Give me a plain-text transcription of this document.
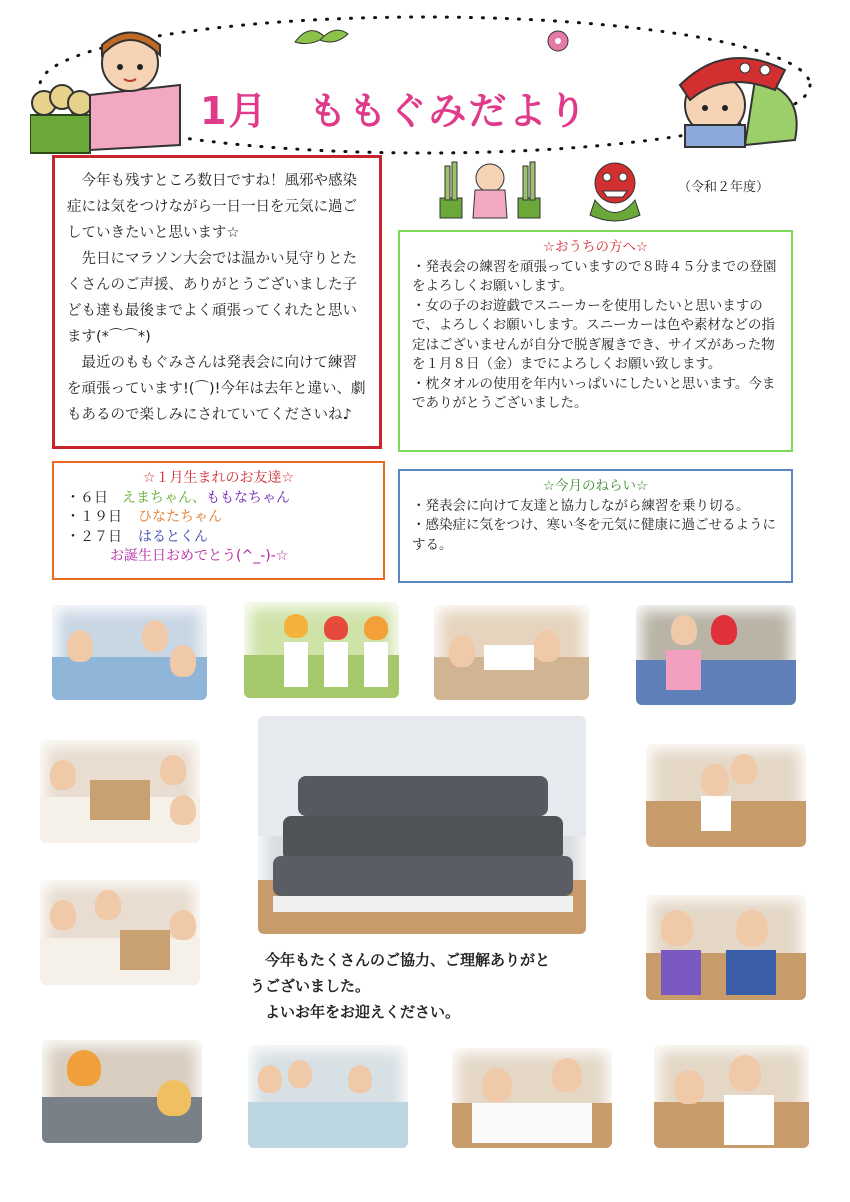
1月 ももぐみだより
（令和２年度）

今年も残すところ数日ですね！風邪や感染症には気をつけながら一日一日を元気に過ごしていきたいと思います☆

先日にマラソン大会では温かい見守りとたくさんのご声援、ありがとうございました子ども達も最後までよく頑張ってくれたと思います(*⌒⌒*)

最近のももぐみさんは発表会に向けて練習を頑張っています!(⌒)!今年は去年と違い、劇もあるので楽しみにされていてくださいね♪

☆おうちの方へ☆
・発表会の練習を頑張っていますので８時４５分までの登園をよろしくお願いします。
・女の子のお遊戯でスニーカーを使用したいと思いますので、よろしくお願いします。スニーカーは色や素材などの指定はございませんが自分で脱ぎ履きでき、サイズがあった物を１月８日（金）までによろしくお願い致します。
・枕タオルの使用を年内いっぱいにしたいと思います。今までありがとうございました。
☆１月生まれのお友達☆
・６日	えまちゃん 、 ももなちゃん
・１９日	ひなたちゃん
・２７日	はるとくん
お誕生日おめでとう(^_-)-☆
☆今月のねらい☆
・発表会に向けて友達と協力しながら練習を乗り切る。
・感染症に気をつけ、寒い冬を元気に健康に過ごせるようにする。
　今年もたくさんのご協力、ご理解ありがと
うございました。
　よいお年をお迎えください。
